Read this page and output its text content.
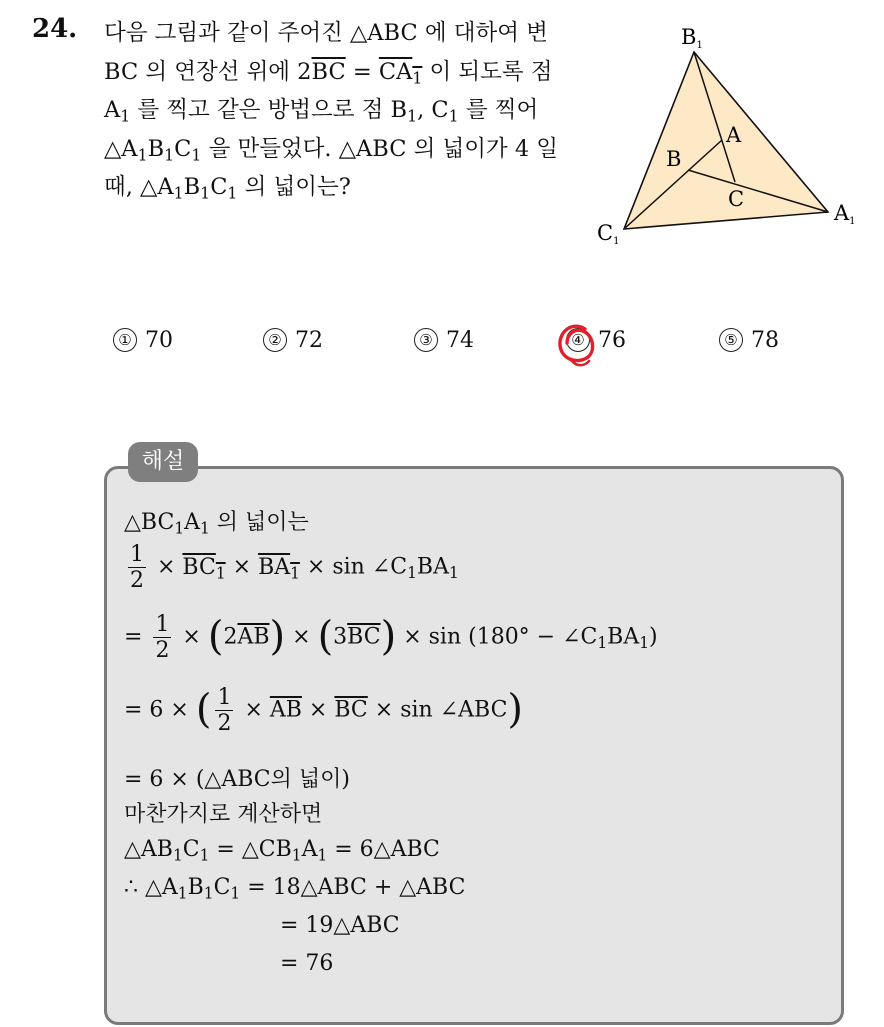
24. 다음 그림과 같이 주어진 △ABC 에 대하여 변 BC 의 연장선 위에 $2\overline{BC} = CA_1$ 이 되도록 점 $A_1$ 를 찍고 같은 방법으로 점 $B_1$, $C_1$ 를 찍어 $\triangle A_1B_1C_1$ 을 만들었다. △ABC 의 넓이가 4 일 때, $\triangle A_1B_1C_1$ 의 넓이는?
B1
A1
C1
A
B
C
① 70	② 72	③ 74	④ 76	⑤ 78
해설
$\triangle BC_1A_1$ 의 넓이는
$\frac{1}{2} \times BC_1 \times BA_1 \times \sin$ $\angle C_1BA_1$
= $\frac{1}{2} \times (2\overline{AB}) \times (3\overline{BC}) \times \sin (180^\circ$ − $\angle C_1BA_1$)
= 6 × ( $\frac{1}{2} \times \overline{AB} \times \overline{BC} \times \sin$ ∠ABC)
= 6 × (△ABC의 넓이)
마찬가지로 계산하면
$\triangle AB_1C_1$ = $\triangle CB_1A_1$ = 6△ABC
∴ $\triangle A_1B_1C_1$ = 18△ABC + △ABC
= 19△ABC
= 76
